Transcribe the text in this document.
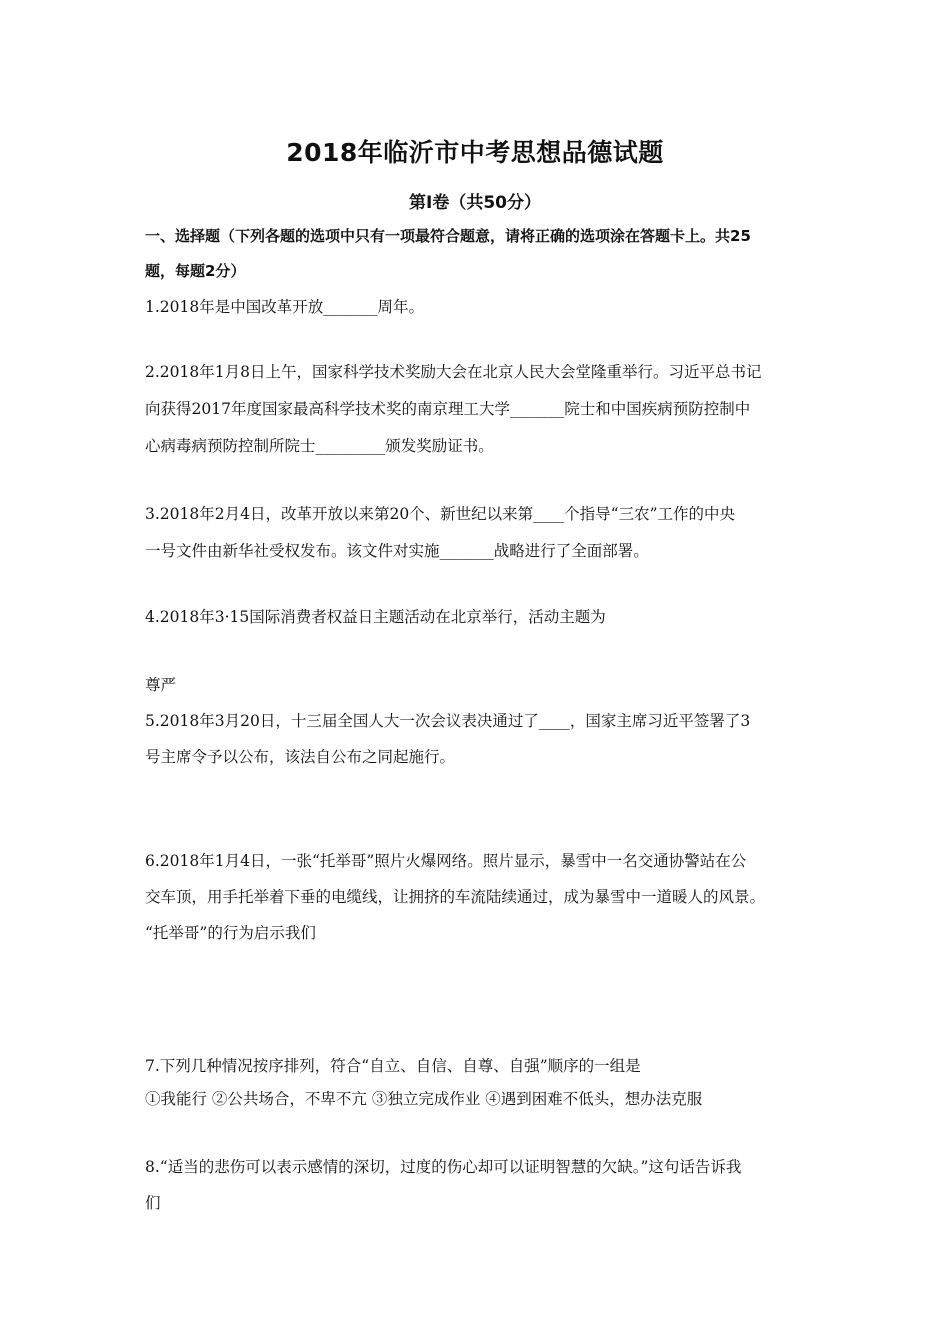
2018年临沂市中考思想品德试题
第Ⅰ卷（共50分）
一、选择题（下列各题的选项中只有一项最符合题意，请将正确的选项涂在答题卡上。共25
题，每题2分）
1.2018年是中国改革开放_______周年。
2.2018年1月8日上午，国家科学技术奖励大会在北京人民大会堂隆重举行。习近平总书记
向获得2017年度国家最高科学技术奖的南京理工大学_______院士和中国疾病预防控制中
心病毒病预防控制所院士_________颁发奖励证书。
3.2018年2月4日，改革开放以来第20个、新世纪以来第____个指导“三农”工作的中央
一号文件由新华社受权发布。该文件对实施_______战略进行了全面部署。
4.2018年3·15国际消费者权益日主题活动在北京举行，活动主题为
尊严
5.2018年3月20日，十三届全国人大一次会议表决通过了____，国家主席习近平签署了3
号主席令予以公布，该法自公布之同起施行。
6.2018年1月4日，一张“托举哥”照片火爆网络。照片显示，暴雪中一名交通协警站在公
交车顶，用手托举着下垂的电缆线，让拥挤的车流陆续通过，成为暴雪中一道暖人的风景。
“托举哥”的行为启示我们
7.下列几种情况按序排列，符合“自立、自信、自尊、自强”顺序的一组是
①我能行 ②公共场合，不卑不亢 ③独立完成作业 ④遇到困难不低头，想办法克服
8.“适当的悲伤可以表示感情的深切，过度的伤心却可以证明智慧的欠缺。”这句话告诉我
们
